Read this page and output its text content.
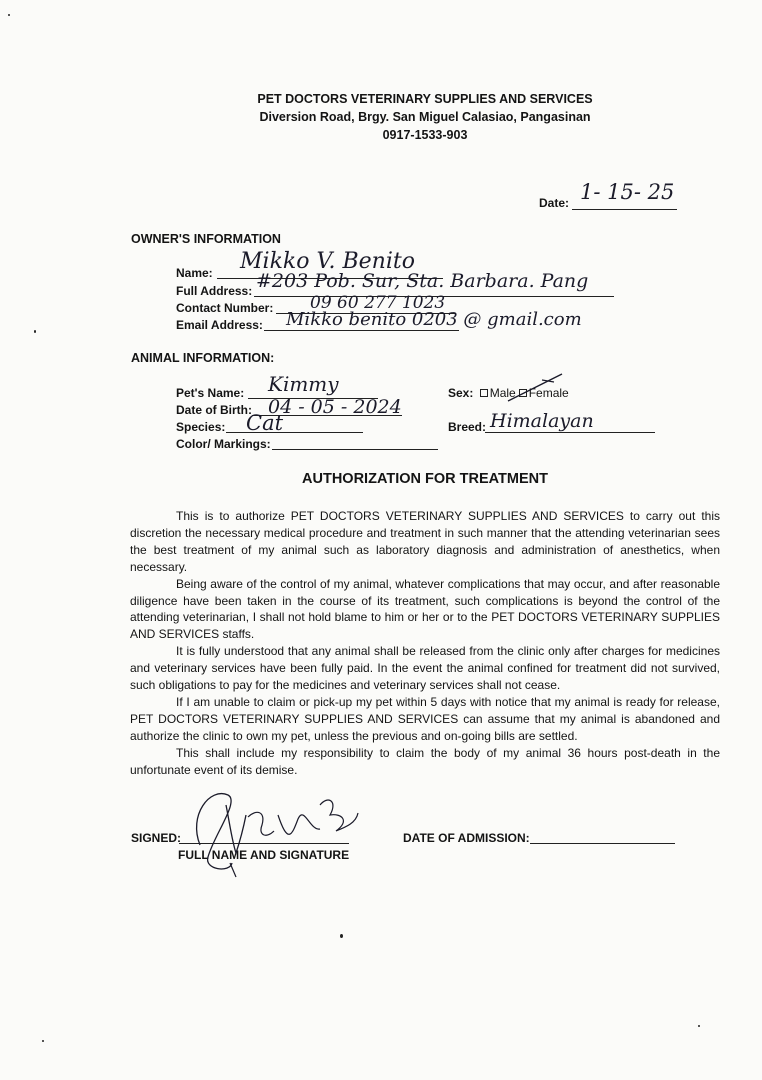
PET DOCTORS VETERINARY SUPPLIES AND SERVICES
Diversion Road, Brgy. San Miguel Calasiao, Pangasinan
0917-1533-903
Date: 1- 15- 25
OWNER'S INFORMATION
Name: Mikko V. Benito
Full Address: #203 Pob. Sur, Sta. Barbara. Pang
Contact Number: 09 60 277 1023
Email Address: Mikko benito 0203 @ gmail.com
ANIMAL INFORMATION:
Pet's Name: Kimmy
Date of Birth: 04 - 05 - 2024
Species: Cat
Color/ Markings:
Sex: Male Female
Breed: Himalayan
AUTHORIZATION FOR TREATMENT

This is to authorize PET DOCTORS VETERINARY SUPPLIES AND SERVICES to carry out this discretion the necessary medical procedure and treatment in such manner that the attending veterinarian sees the best treatment of my animal such as laboratory diagnosis and administration of anesthetics, when necessary.

Being aware of the control of my animal, whatever complications that may occur, and after reasonable diligence have been taken in the course of its treatment, such complications is beyond the control of the attending veterinarian, I shall not hold blame to him or her or to the PET DOCTORS VETERINARY SUPPLIES AND SERVICES staffs.

It is fully understood that any animal shall be released from the clinic only after charges for medicines and veterinary services have been fully paid. In the event the animal confined for treatment did not survived, such obligations to pay for the medicines and veterinary services shall not cease.

If I am unable to claim or pick-up my pet within 5 days with notice that my animal is ready for release, PET DOCTORS VETERINARY SUPPLIES AND SERVICES can assume that my animal is abandoned and authorize the clinic to own my pet, unless the previous and on-going bills are settled.

This shall include my responsibility to claim the body of my animal 36 hours post-death in the unfortunate event of its demise.

SIGNED:
FULL NAME AND SIGNATURE
DATE OF ADMISSION:
